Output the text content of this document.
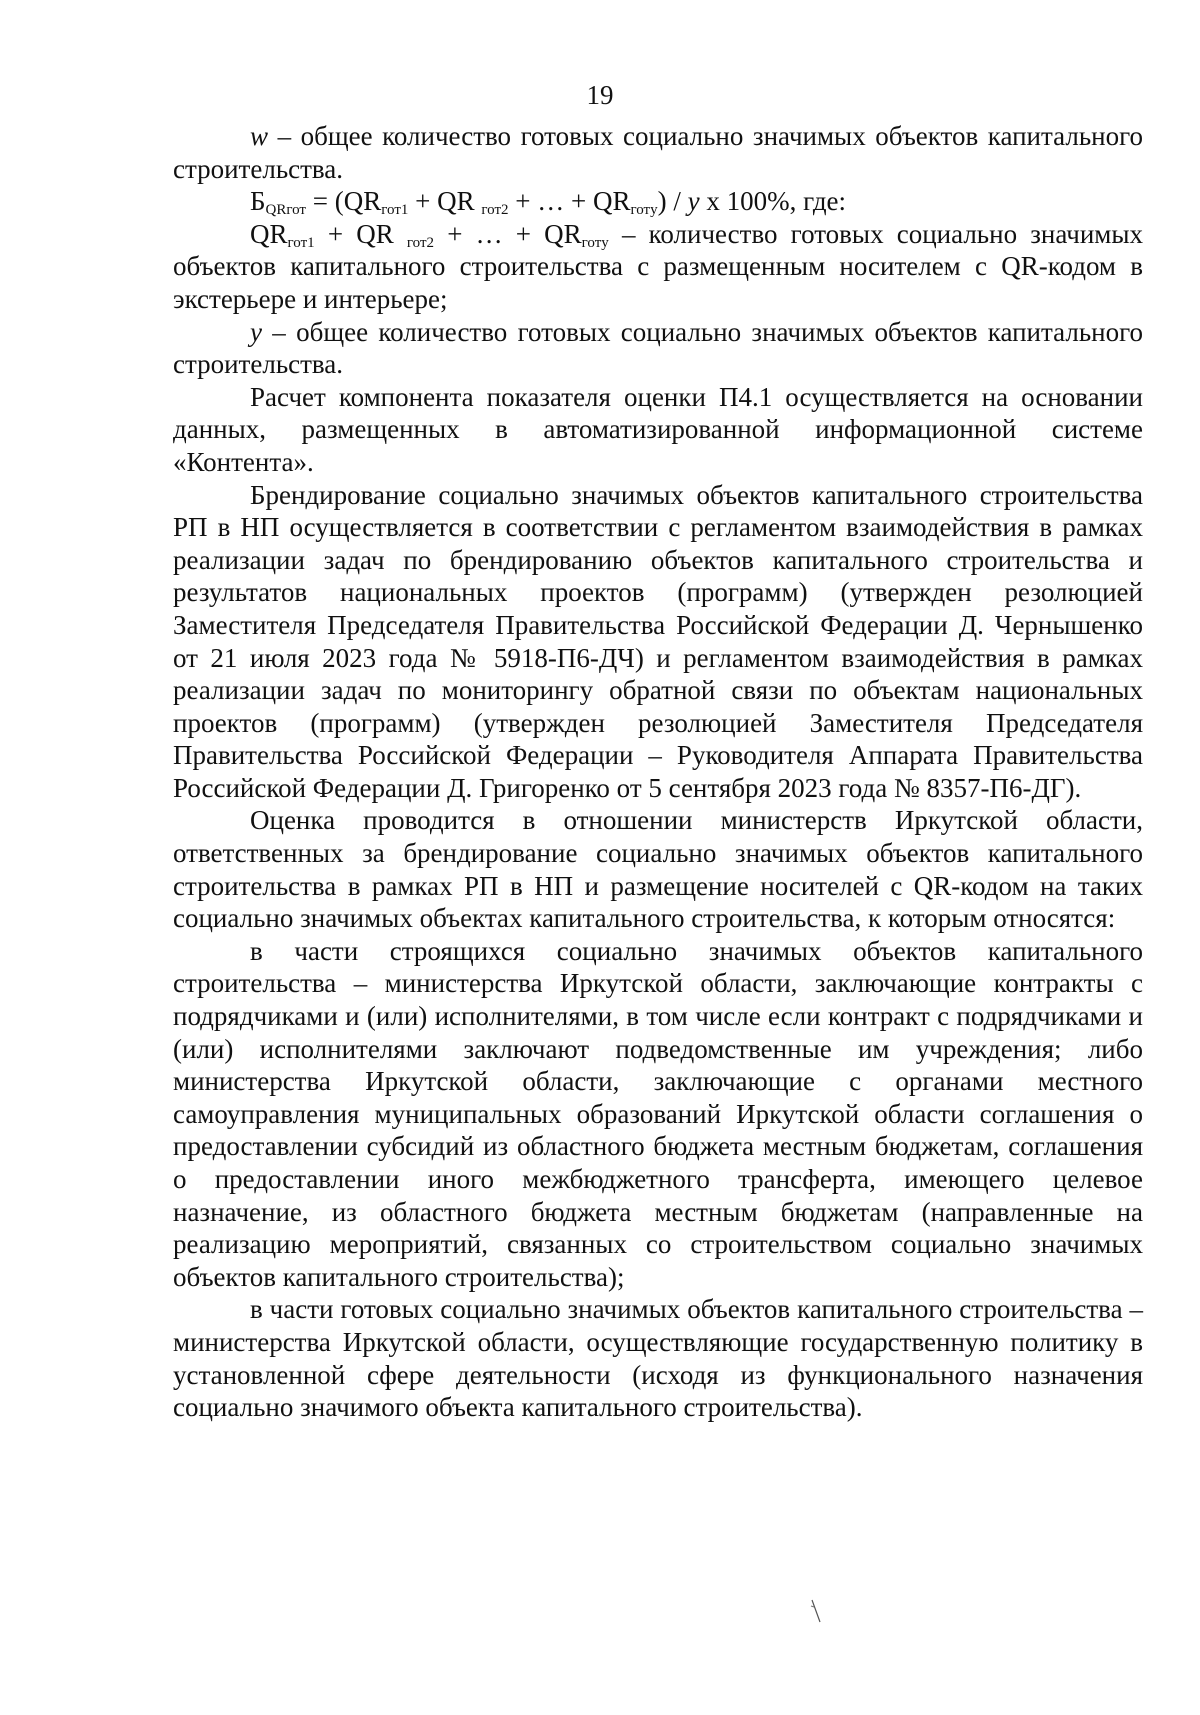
19

w – общее количество готовых социально значимых объектов капитального строительства.

$Б_{QRгот} = (QR_{гот1}$ + QR $_{гот2}$ + … + $QR_{готy}$) / y х 100%, где:

$QR_{гот1}$ + QR $_{гот2}$ + … + $QR_{готy}$ – количество готовых социально значимых объектов капитального строительства с размещенным носителем с QR-кодом в экстерьере и интерьере;

y – общее количество готовых социально значимых объектов капитального строительства.

Расчет компонента показателя оценки П4.1 осуществляется на основании данных, размещенных в автоматизированной информационной системе «Контента».

Брендирование социально значимых объектов капитального строительства РП в НП осуществляется в соответствии с регламентом взаимодействия в рамках реализации задач по брендированию объектов капитального строительства и результатов национальных проектов (программ) (утвержден резолюцией Заместителя Председателя Правительства Российской Федерации Д. Чернышенко от 21 июля 2023 года № 5918-П6-ДЧ) и регламентом взаимодействия в рамках реализации задач по мониторингу обратной связи по объектам национальных проектов (программ) (утвержден резолюцией Заместителя Председателя Правительства Российской Федерации – Руководителя Аппарата Правительства Российской Федерации Д. Григоренко от 5 сентября 2023 года № 8357-П6-ДГ).

Оценка проводится в отношении министерств Иркутской области, ответственных за брендирование социально значимых объектов капитального строительства в рамках РП в НП и размещение носителей с QR-кодом на таких социально значимых объектах капитального строительства, к которым относятся:

в части строящихся социально значимых объектов капитального строительства – министерства Иркутской области, заключающие контракты с подрядчиками и (или) исполнителями, в том числе если контракт с подрядчиками и (или) исполнителями заключают подведомственные им учреждения; либо министерства Иркутской области, заключающие с органами местного самоуправления муниципальных образований Иркутской области соглашения о предоставлении субсидий из областного бюджета местным бюджетам, соглашения о предоставлении иного межбюджетного трансферта, имеющего целевое назначение, из областного бюджета местным бюджетам (направленные на реализацию мероприятий, связанных со строительством социально значимых объектов капитального строительства);

в части готовых социально значимых объектов капитального строительства – министерства Иркутской области, осуществляющие государственную политику в установленной сфере деятельности (исходя из функционального назначения социально значимого объекта капитального строительства).
